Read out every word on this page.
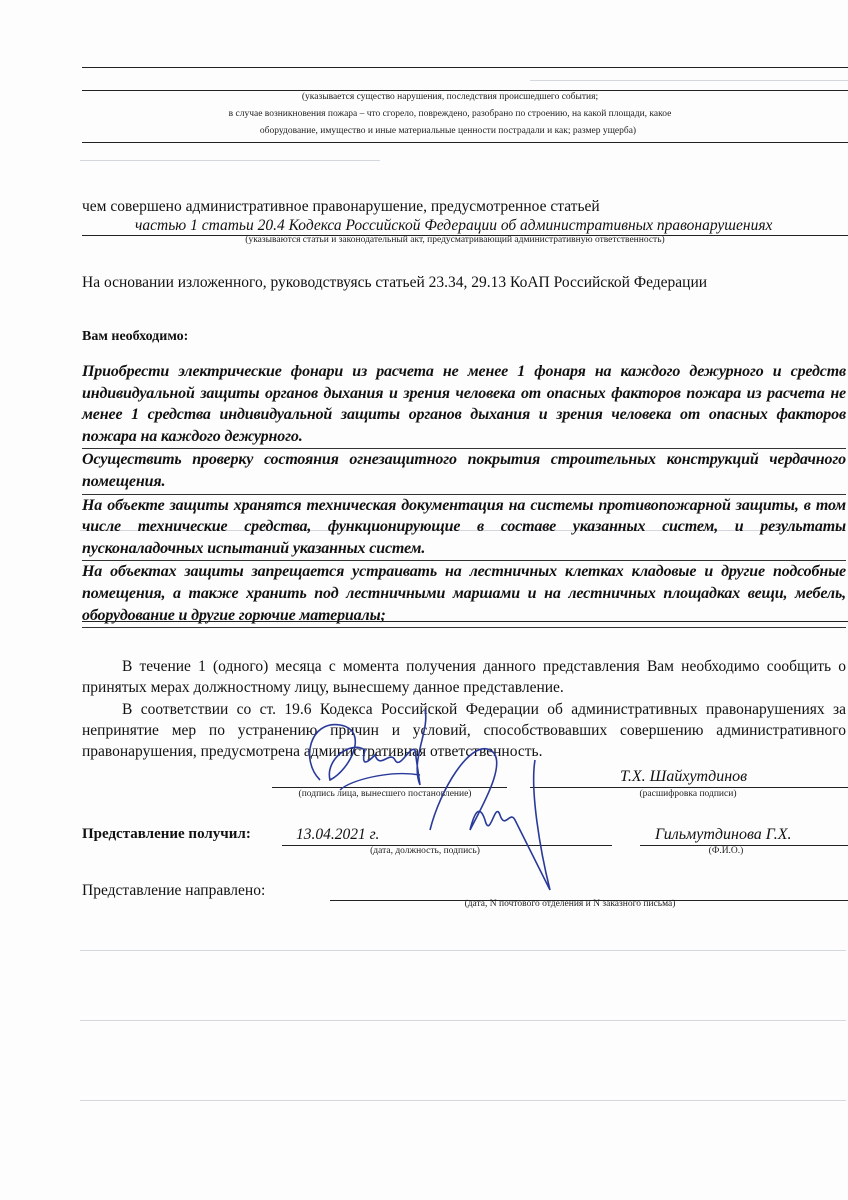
(указывается существо нарушения, последствия происшедшего события;
в случае возникновения пожара – что сгорело, повреждено, разобрано по строению, на какой площади, какое
оборудование, имущество и иные материальные ценности пострадали и как; размер ущерба)
чем совершено административное правонарушение, предусмотренное статьей
частью 1 статьи 20.4 Кодекса Российской Федерации об административных правонарушениях
(указываются статьи и законодательный акт, предусматривающий административную ответственность)
На основании изложенного, руководствуясь статьей 23.34, 29.13 КоАП Российской Федерации
Вам необходимо:
Приобрести электрические фонари из расчета не менее 1 фонаря на каждого дежурного и средств индивидуальной защиты органов дыхания и зрения человека от опасных факторов пожара из расчета не менее 1 средства индивидуальной защиты органов дыхания и зрения человека от опасных факторов пожара на каждого дежурного.
Осуществить проверку состояния огнезащитного покрытия строительных конструкций чердачного помещения.
На объекте защиты хранятся техническая документация на системы противопожарной защиты, в том числе технические средства, функционирующие в составе указанных систем, и результаты пусконаладочных испытаний указанных систем.
На объектах защиты запрещается устраивать на лестничных клетках кладовые и другие подсобные помещения, а также хранить под лестничными маршами и на лестничных площадках вещи, мебель, оборудование и другие горючие материалы;

В течение 1 (одного) месяца с момента получения данного представления Вам необходимо сообщить о принятых мерах должностному лицу, вынесшему данное представление.

В соответствии со ст. 19.6 Кодекса Российской Федерации об административных правонарушениях за непринятие мер по устранению причин и условий, способствовавших совершению административного правонарушения, предусмотрена административная ответственность.

Т.Х. Шайхутдинов
(подпись лица, вынесшего постановление)	(расшифровка подписи)
Представление получил:	13.04.2021 г.	Гильмутдинова Г.Х.
(дата, должность, подпись)	(Ф.И.О.)
Представление направлено:
(дата, N почтового отделения и N заказного письма)
